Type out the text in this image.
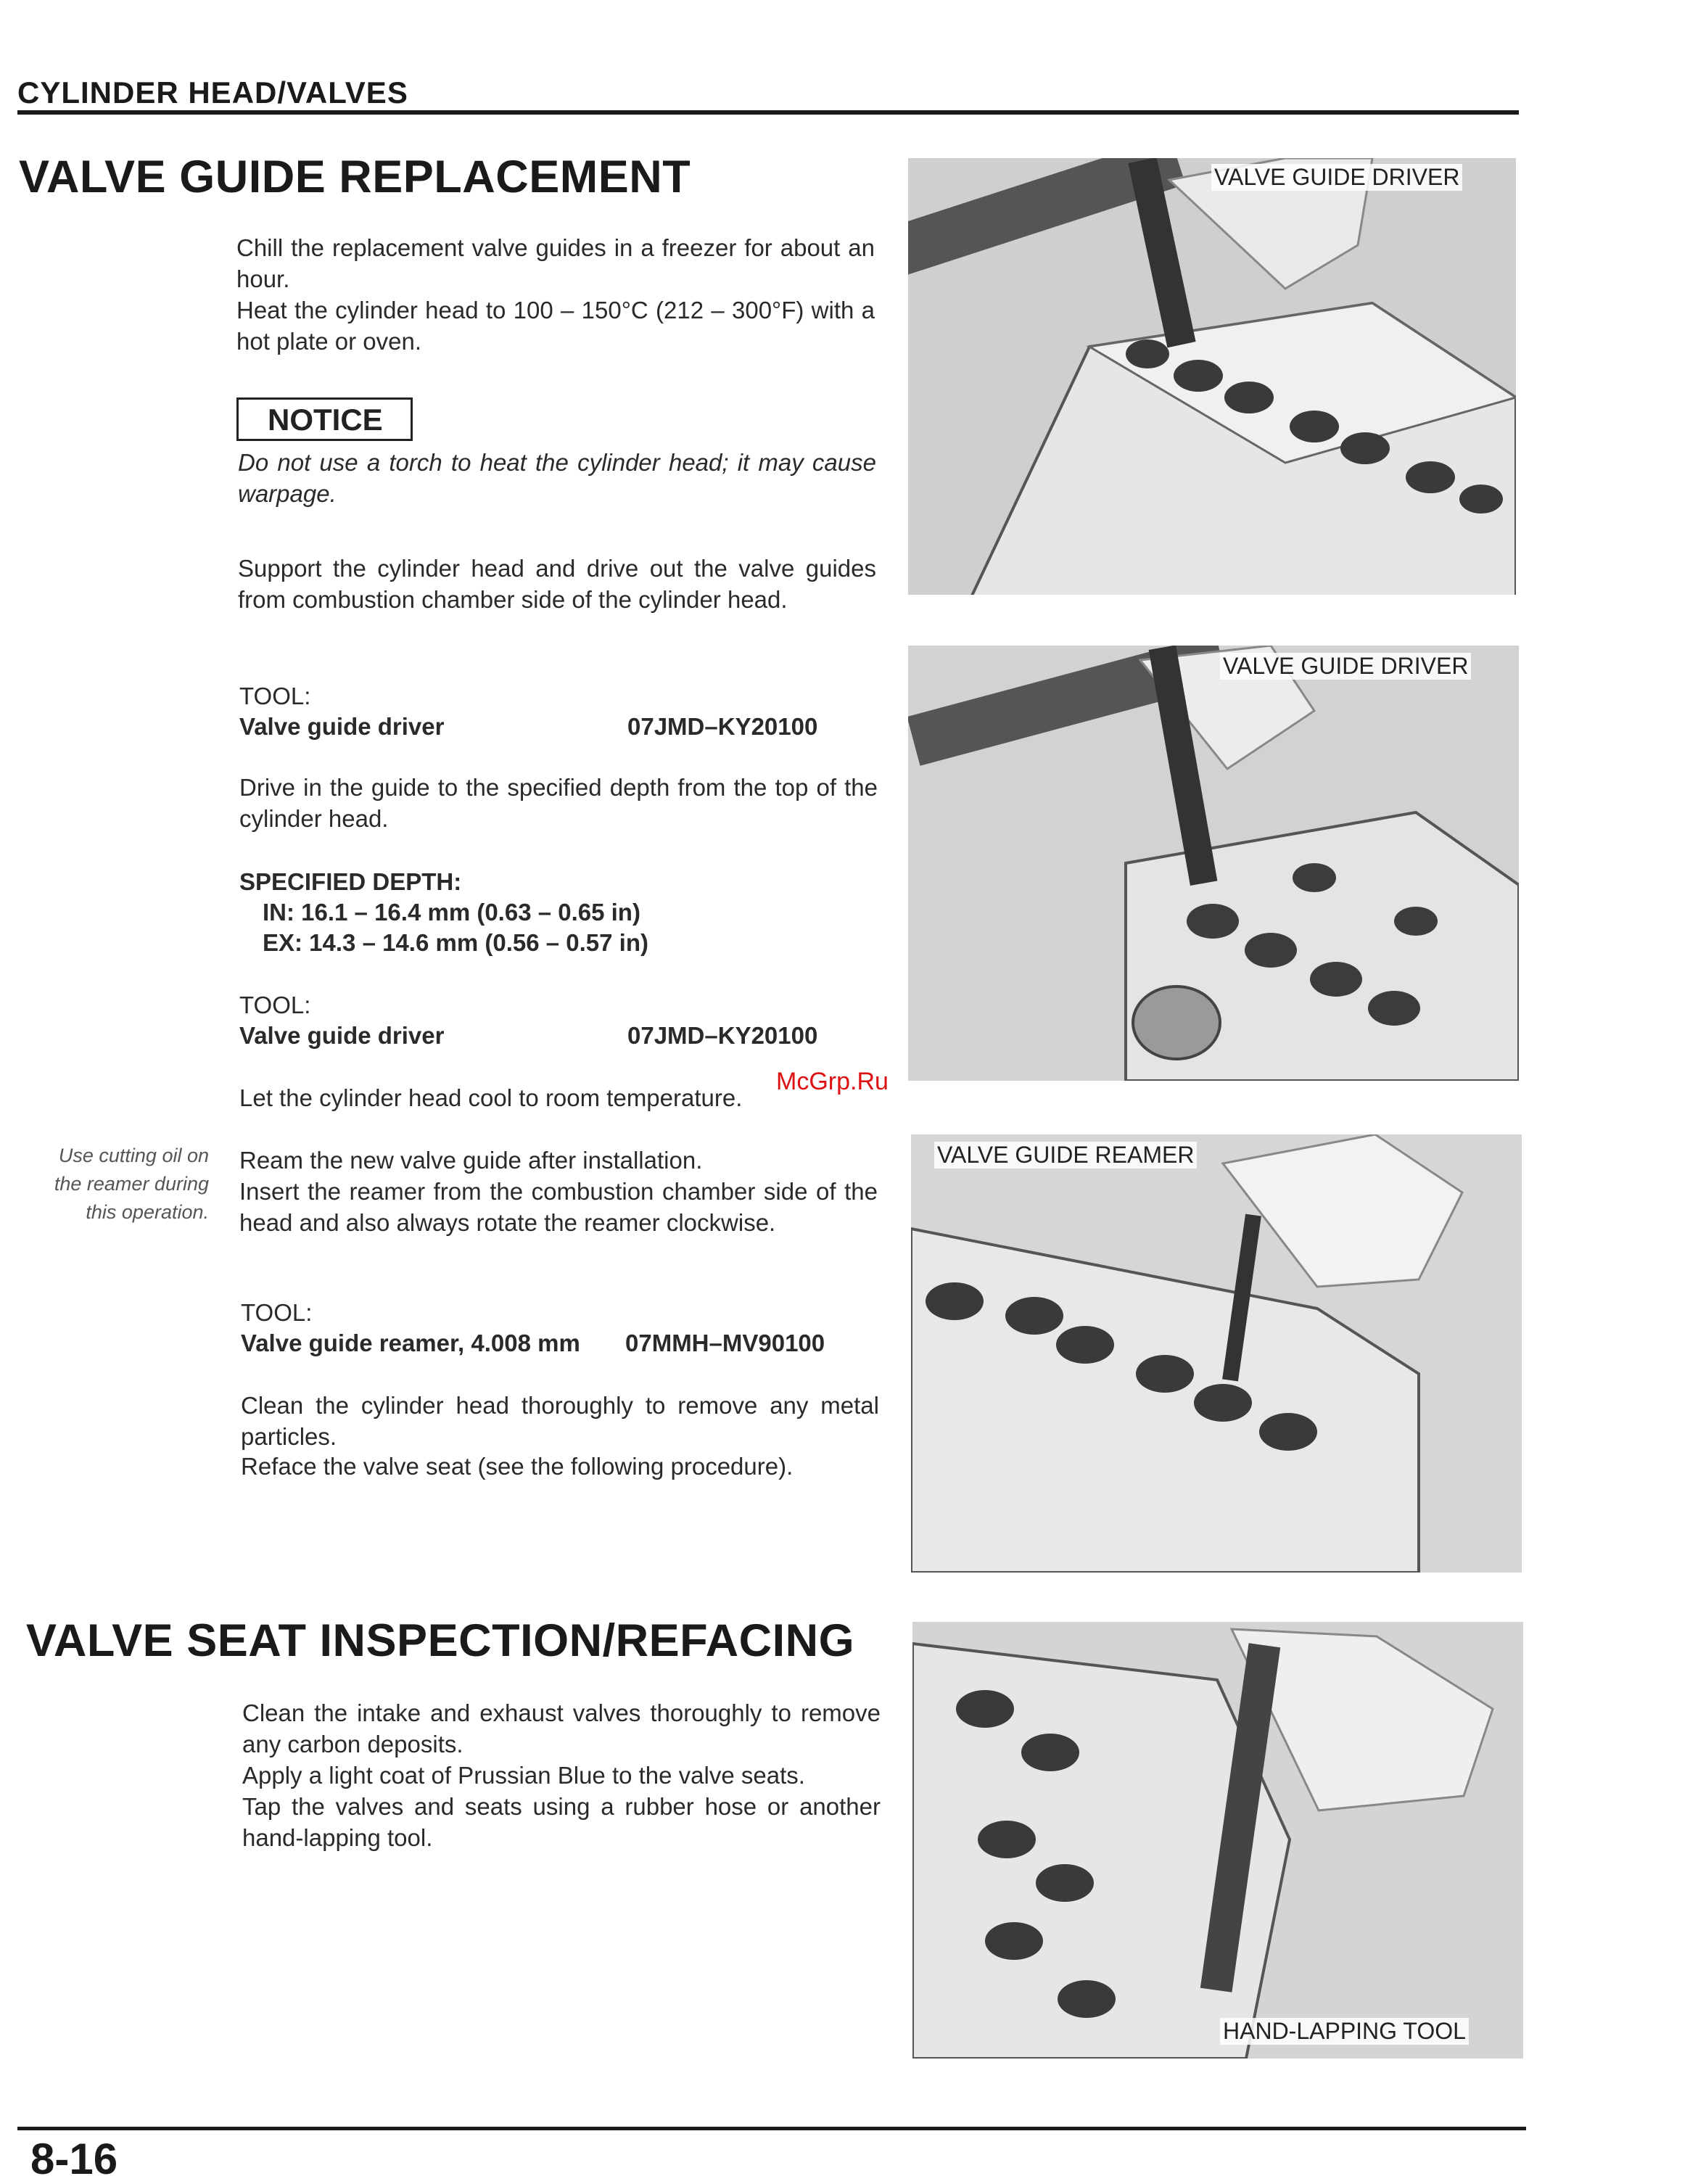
CYLINDER HEAD/VALVES
VALVE GUIDE REPLACEMENT
Chill the replacement valve guides in a freezer for about an hour.
Heat the cylinder head to 100 – 150°C (212 – 300°F) with a hot plate or oven.
NOTICE
Do not use a torch to heat the cylinder head; it may cause warpage.
Support the cylinder head and drive out the valve guides from combustion chamber side of the cylinder head.
TOOL:
Valve guide driver	07JMD–KY20100
Drive in the guide to the specified depth from the top of the cylinder head.
SPECIFIED DEPTH:
IN: 16.1 – 16.4 mm (0.63 – 0.65 in)
EX: 14.3 – 14.6 mm (0.56 – 0.57 in)
TOOL:
Valve guide driver	07JMD–KY20100
Let the cylinder head cool to room temperature.
Use cutting oil on the reamer during this operation.
Ream the new valve guide after installation.
Insert the reamer from the combustion chamber side of the head and also always rotate the reamer clockwise.
TOOL:
Valve guide reamer, 4.008 mm	07MMH–MV90100
Clean the cylinder head thoroughly to remove any metal particles.
Reface the valve seat (see the following procedure).
VALVE SEAT INSPECTION/REFACING
Clean the intake and exhaust valves thoroughly to remove any carbon deposits.
Apply a light coat of Prussian Blue to the valve seats.
Tap the valves and seats using a rubber hose or another hand-lapping tool.
VALVE GUIDE DRIVER
VALVE GUIDE DRIVER
VALVE GUIDE REAMER
HAND-LAPPING TOOL
McGrp.Ru
8-16
